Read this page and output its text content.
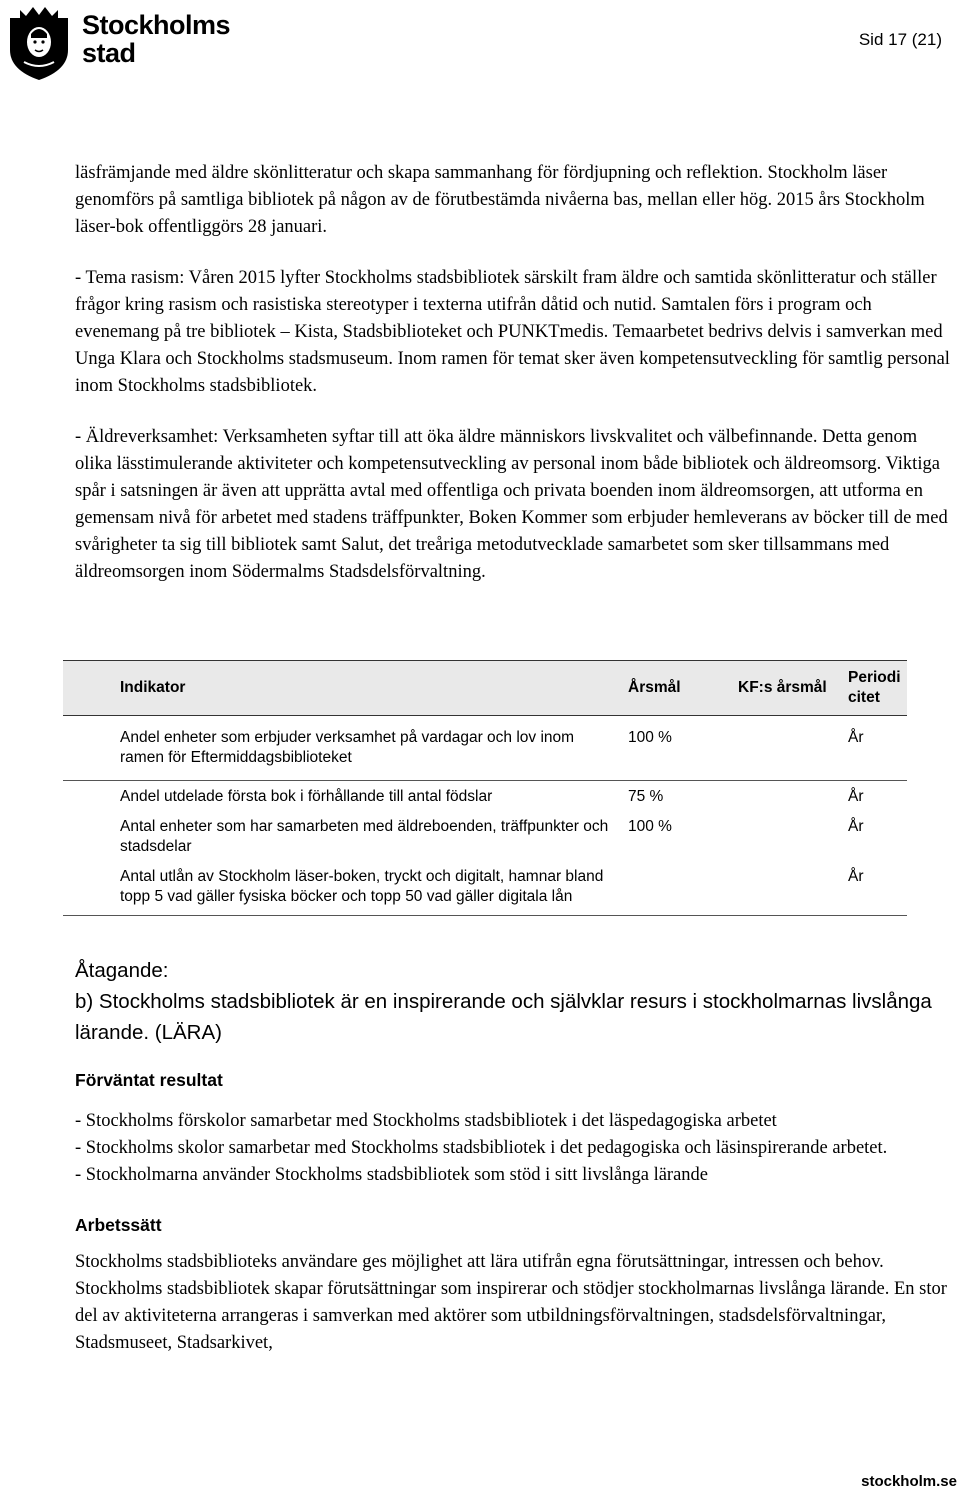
Stockholms
stad	Sid 17 (21)

läsfrämjande med äldre skönlitteratur och skapa sammanhang för fördjupning och reflektion. Stockholm läser genomförs på samtliga bibliotek på någon av de förutbestämda nivåerna bas, mellan eller hög. 2015 års Stockholm läser-bok offentliggörs 28 januari.

- Tema rasism: Våren 2015 lyfter Stockholms stadsbibliotek särskilt fram äldre och samtida skönlitteratur och ställer frågor kring rasism och rasistiska stereotyper i texterna utifrån dåtid och nutid. Samtalen förs i program och evenemang på tre bibliotek – Kista, Stadsbiblioteket och PUNKTmedis. Temaarbetet bedrivs delvis i samverkan med Unga Klara och Stockholms stadsmuseum. Inom ramen för temat sker även kompetensutveckling för samtlig personal inom Stockholms stadsbibliotek.

- Äldreverksamhet: Verksamheten syftar till att öka äldre människors livskvalitet och välbefinnande. Detta genom olika lässtimulerande aktiviteter och kompetensutveckling av personal inom både bibliotek och äldreomsorg. Viktiga spår i satsningen är även att upprätta avtal med offentliga och privata boenden inom äldreomsorgen, att utforma en gemensam nivå för arbetet med stadens träffpunkter, Boken Kommer som erbjuder hemleverans av böcker till de med svårigheter ta sig till bibliotek samt Salut, det treåriga metodutvecklade samarbetet som sker tillsammans med äldreomsorgen inom Södermalms Stadsdelsförvaltning.

Indikator	Årsmål	KF:s årsmål	Periodicitet
Andel enheter som erbjuder verksamhet på vardagar och lov inom ramen för Eftermiddagsbiblioteket	100 %		År
Andel utdelade första bok i förhållande till antal födslar	75 %		År
Antal enheter som har samarbeten med äldreboenden, träffpunkter och stadsdelar	100 %		År
Antal utlån av Stockholm läser-boken, tryckt och digitalt, hamnar bland topp 5 vad gäller fysiska böcker och topp 50 vad gäller digitala lån			År
Åtagande:
b) Stockholms stadsbibliotek är en inspirerande och självklar resurs i stockholmarnas livslånga lärande. (LÄRA)
Förväntat resultat

- Stockholms förskolor samarbetar med Stockholms stadsbibliotek i det läspedagogiska arbetet

- Stockholms skolor samarbetar med Stockholms stadsbibliotek i det pedagogiska och läsinspirerande arbetet.

- Stockholmarna använder Stockholms stadsbibliotek som stöd i sitt livslånga lärande

Arbetssätt

Stockholms stadsbiblioteks användare ges möjlighet att lära utifrån egna förutsättningar, intressen och behov. Stockholms stadsbibliotek skapar förutsättningar som inspirerar och stödjer stockholmarnas livslånga lärande. En stor del av aktiviteterna arrangeras i samverkan med aktörer som utbildningsförvaltningen, stadsdelsförvaltningar, Stadsmuseet, Stadsarkivet,

stockholm.se
